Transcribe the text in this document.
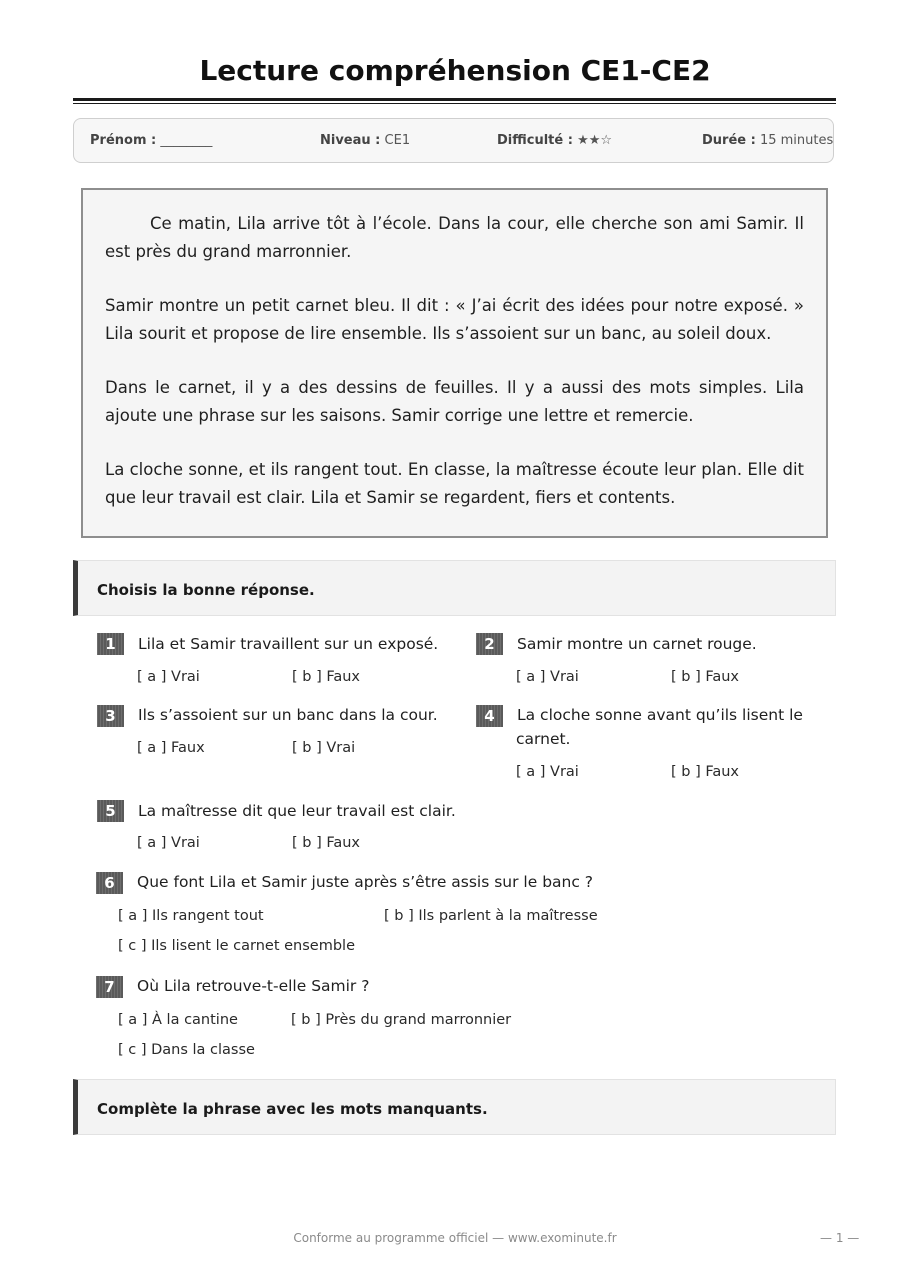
Lecture compréhension CE1-CE2
Prénom : ________	Niveau : CE1	Difficulté : ★★☆	Durée : 15 minutes

Ce matin, Lila arrive tôt à l’école. Dans la cour, elle cherche son ami Samir. Il est près du grand marronnier.

Samir montre un petit carnet bleu. Il dit : « J’ai écrit des idées pour notre exposé. » Lila sourit et propose de lire ensemble. Ils s’assoient sur un banc, au soleil doux.

Dans le carnet, il y a des dessins de feuilles. Il y a aussi des mots simples. Lila ajoute une phrase sur les saisons. Samir corrige une lettre et remercie.

La cloche sonne, et ils rangent tout. En classe, la maîtresse écoute leur plan. Elle dit que leur travail est clair. Lila et Samir se regardent, fiers et contents.

Choisis la bonne réponse.
1	Lila et Samir travaillent sur un exposé.
[ a ] Vrai	[ b ] Faux
2	Samir montre un carnet rouge.
[ a ] Vrai	[ b ] Faux
3	Ils s’assoient sur un banc dans la cour.
[ a ] Faux	[ b ] Vrai
4	La cloche sonne avant qu’ils lisent le carnet.
[ a ] Vrai	[ b ] Faux
5	La maîtresse dit que leur travail est clair.
[ a ] Vrai	[ b ] Faux
6	Que font Lila et Samir juste après s’être assis sur le banc ?
[ a ] Ils rangent tout	[ b ] Ils parlent à la maîtresse
[ c ] Ils lisent le carnet ensemble
7	Où Lila retrouve-t-elle Samir ?
[ a ] À la cantine	[ b ] Près du grand marronnier
[ c ] Dans la classe
Complète la phrase avec les mots manquants.
Conforme au programme officiel — www.exominute.fr	— 1 —
